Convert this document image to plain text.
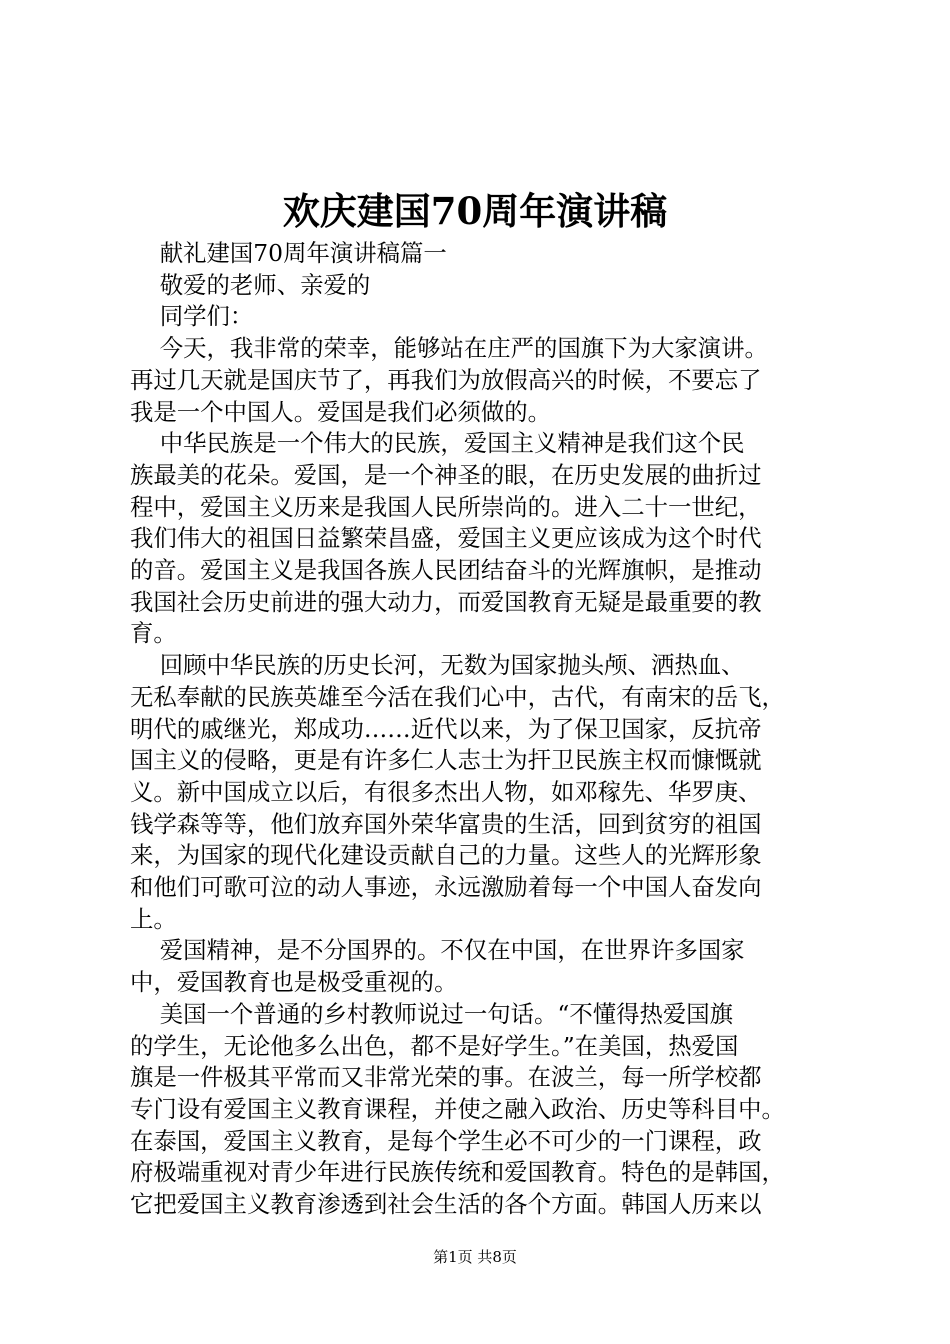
欢庆建国70周年演讲稿
献礼建国70周年演讲稿篇一
敬爱的老师、亲爱的
同学们：
今天，我非常的荣幸，能够站在庄严的国旗下为大家演讲。
再过几天就是国庆节了，再我们为放假高兴的时候，不要忘了
我是一个中国人。爱国是我们必须做的。
中华民族是一个伟大的民族，爱国主义精神是我们这个民
族最美的花朵。爱国，是一个神圣的眼，在历史发展的曲折过
程中，爱国主义历来是我国人民所崇尚的。进入二十一世纪，
我们伟大的祖国日益繁荣昌盛，爱国主义更应该成为这个时代
的音。爱国主义是我国各族人民团结奋斗的光辉旗帜，是推动
我国社会历史前进的强大动力，而爱国教育无疑是最重要的教
育。
回顾中华民族的历史长河，无数为国家抛头颅、洒热血、
无私奉献的民族英雄至今活在我们心中，古代，有南宋的岳飞，
明代的戚继光，郑成功……近代以来，为了保卫国家，反抗帝
国主义的侵略，更是有许多仁人志士为扞卫民族主权而慷慨就
义。新中国成立以后，有很多杰出人物，如邓稼先、华罗庚、
钱学森等等，他们放弃国外荣华富贵的生活，回到贫穷的祖国
来，为国家的现代化建设贡献自己的力量。这些人的光辉形象
和他们可歌可泣的动人事迹，永远激励着每一个中国人奋发向
上。
爱国精神，是不分国界的。不仅在中国，在世界许多国家
中，爱国教育也是极受重视的。
美国一个普通的乡村教师说过一句话。“不懂得热爱国旗
的学生，无论他多么出色，都不是好学生。”在美国，热爱国
旗是一件极其平常而又非常光荣的事。在波兰，每一所学校都
专门设有爱国主义教育课程，并使之融入政治、历史等科目中。
在泰国，爱国主义教育，是每个学生必不可少的一门课程，政
府极端重视对青少年进行民族传统和爱国教育。特色的是韩国，
它把爱国主义教育渗透到社会生活的各个方面。韩国人历来以
第1页 共8页
